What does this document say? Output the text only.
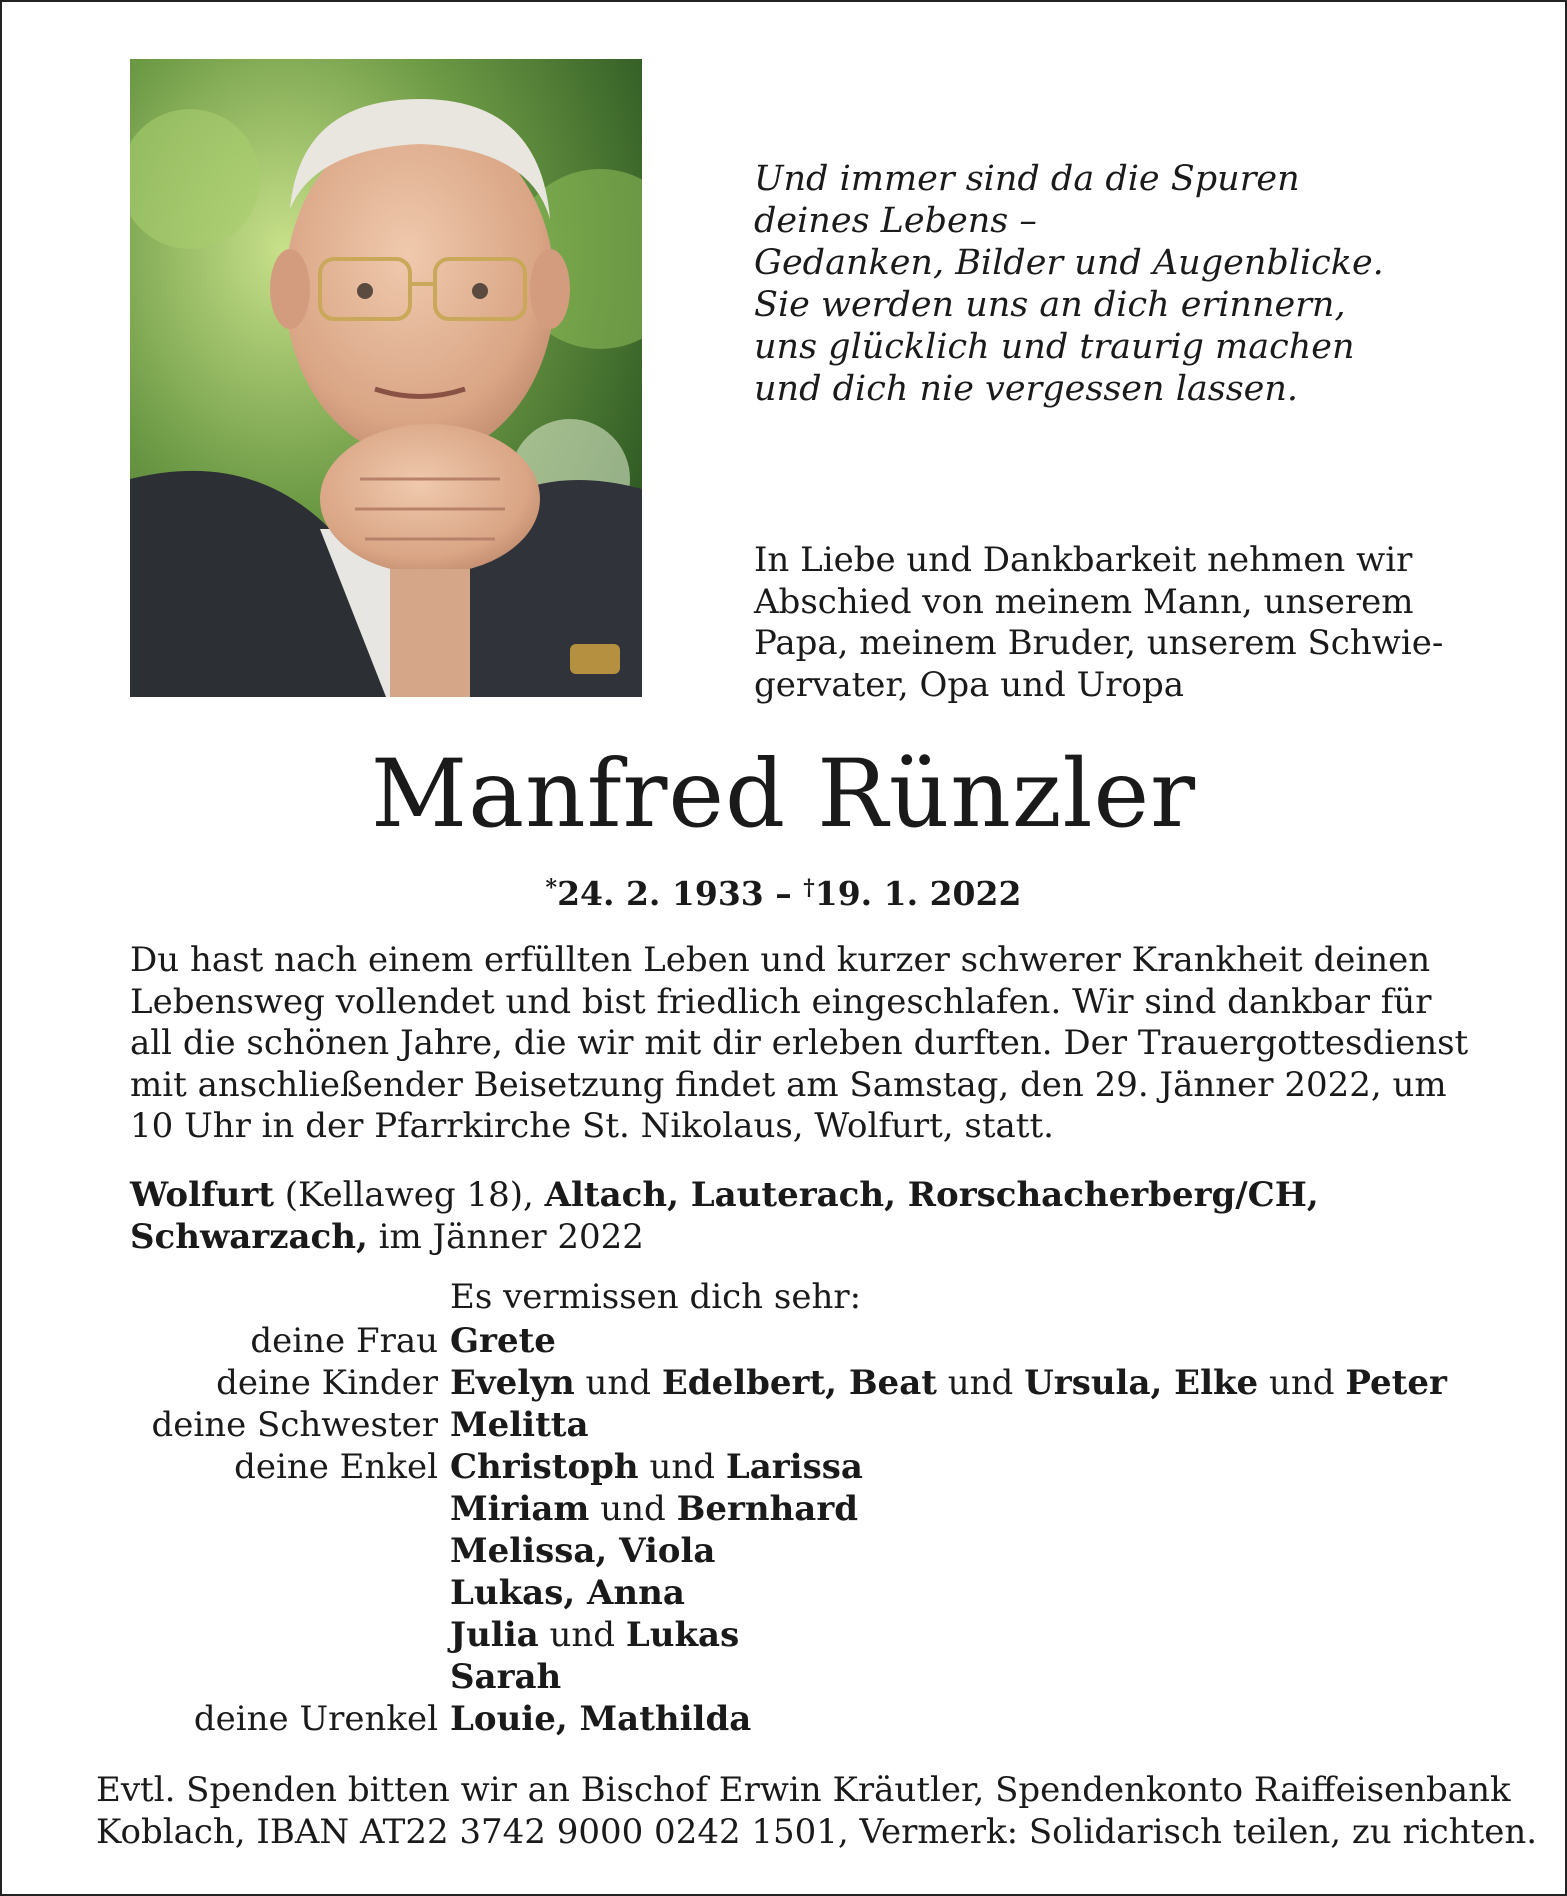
Und immer sind da die Spuren
deines Lebens –
Gedanken, Bilder und Augenblicke.
Sie werden uns an dich erinnern,
uns glücklich und traurig machen
und dich nie vergessen lassen.
In Liebe und Dankbarkeit nehmen wir
Abschied von meinem Mann, unserem
Papa, meinem Bruder, unserem Schwie-
gervater, Opa und Uropa
Manfred Rünzler
*24. 2. 1933 – †19. 1. 2022
Du hast nach einem erfüllten Leben und kurzer schwerer Krankheit deinen
Lebensweg vollendet und bist friedlich eingeschlafen. Wir sind dankbar für
all die schönen Jahre, die wir mit dir erleben durften. Der Trauergottesdienst
mit anschließender Beisetzung findet am Samstag, den 29. Jänner 2022, um
10 Uhr in der Pfarrkirche St. Nikolaus, Wolfurt, statt.
Wolfurt (Kellaweg 18), Altach, Lauterach, Rorschacherberg/CH,
Schwarzach, im Jänner 2022
Es vermissen dich sehr:
deine Frau Grete
deine Kinder Evelyn und Edelbert, Beat und Ursula, Elke und Peter
deine Schwester Melitta
deine Enkel Christoph und Larissa
Miriam und Bernhard
Melissa, Viola
Lukas, Anna
Julia und Lukas
Sarah
deine Urenkel Louie, Mathilda
Evtl. Spenden bitten wir an Bischof Erwin Kräutler, Spendenkonto Raiffeisenbank
Koblach, IBAN AT22 3742 9000 0242 1501, Vermerk: Solidarisch teilen, zu richten.
